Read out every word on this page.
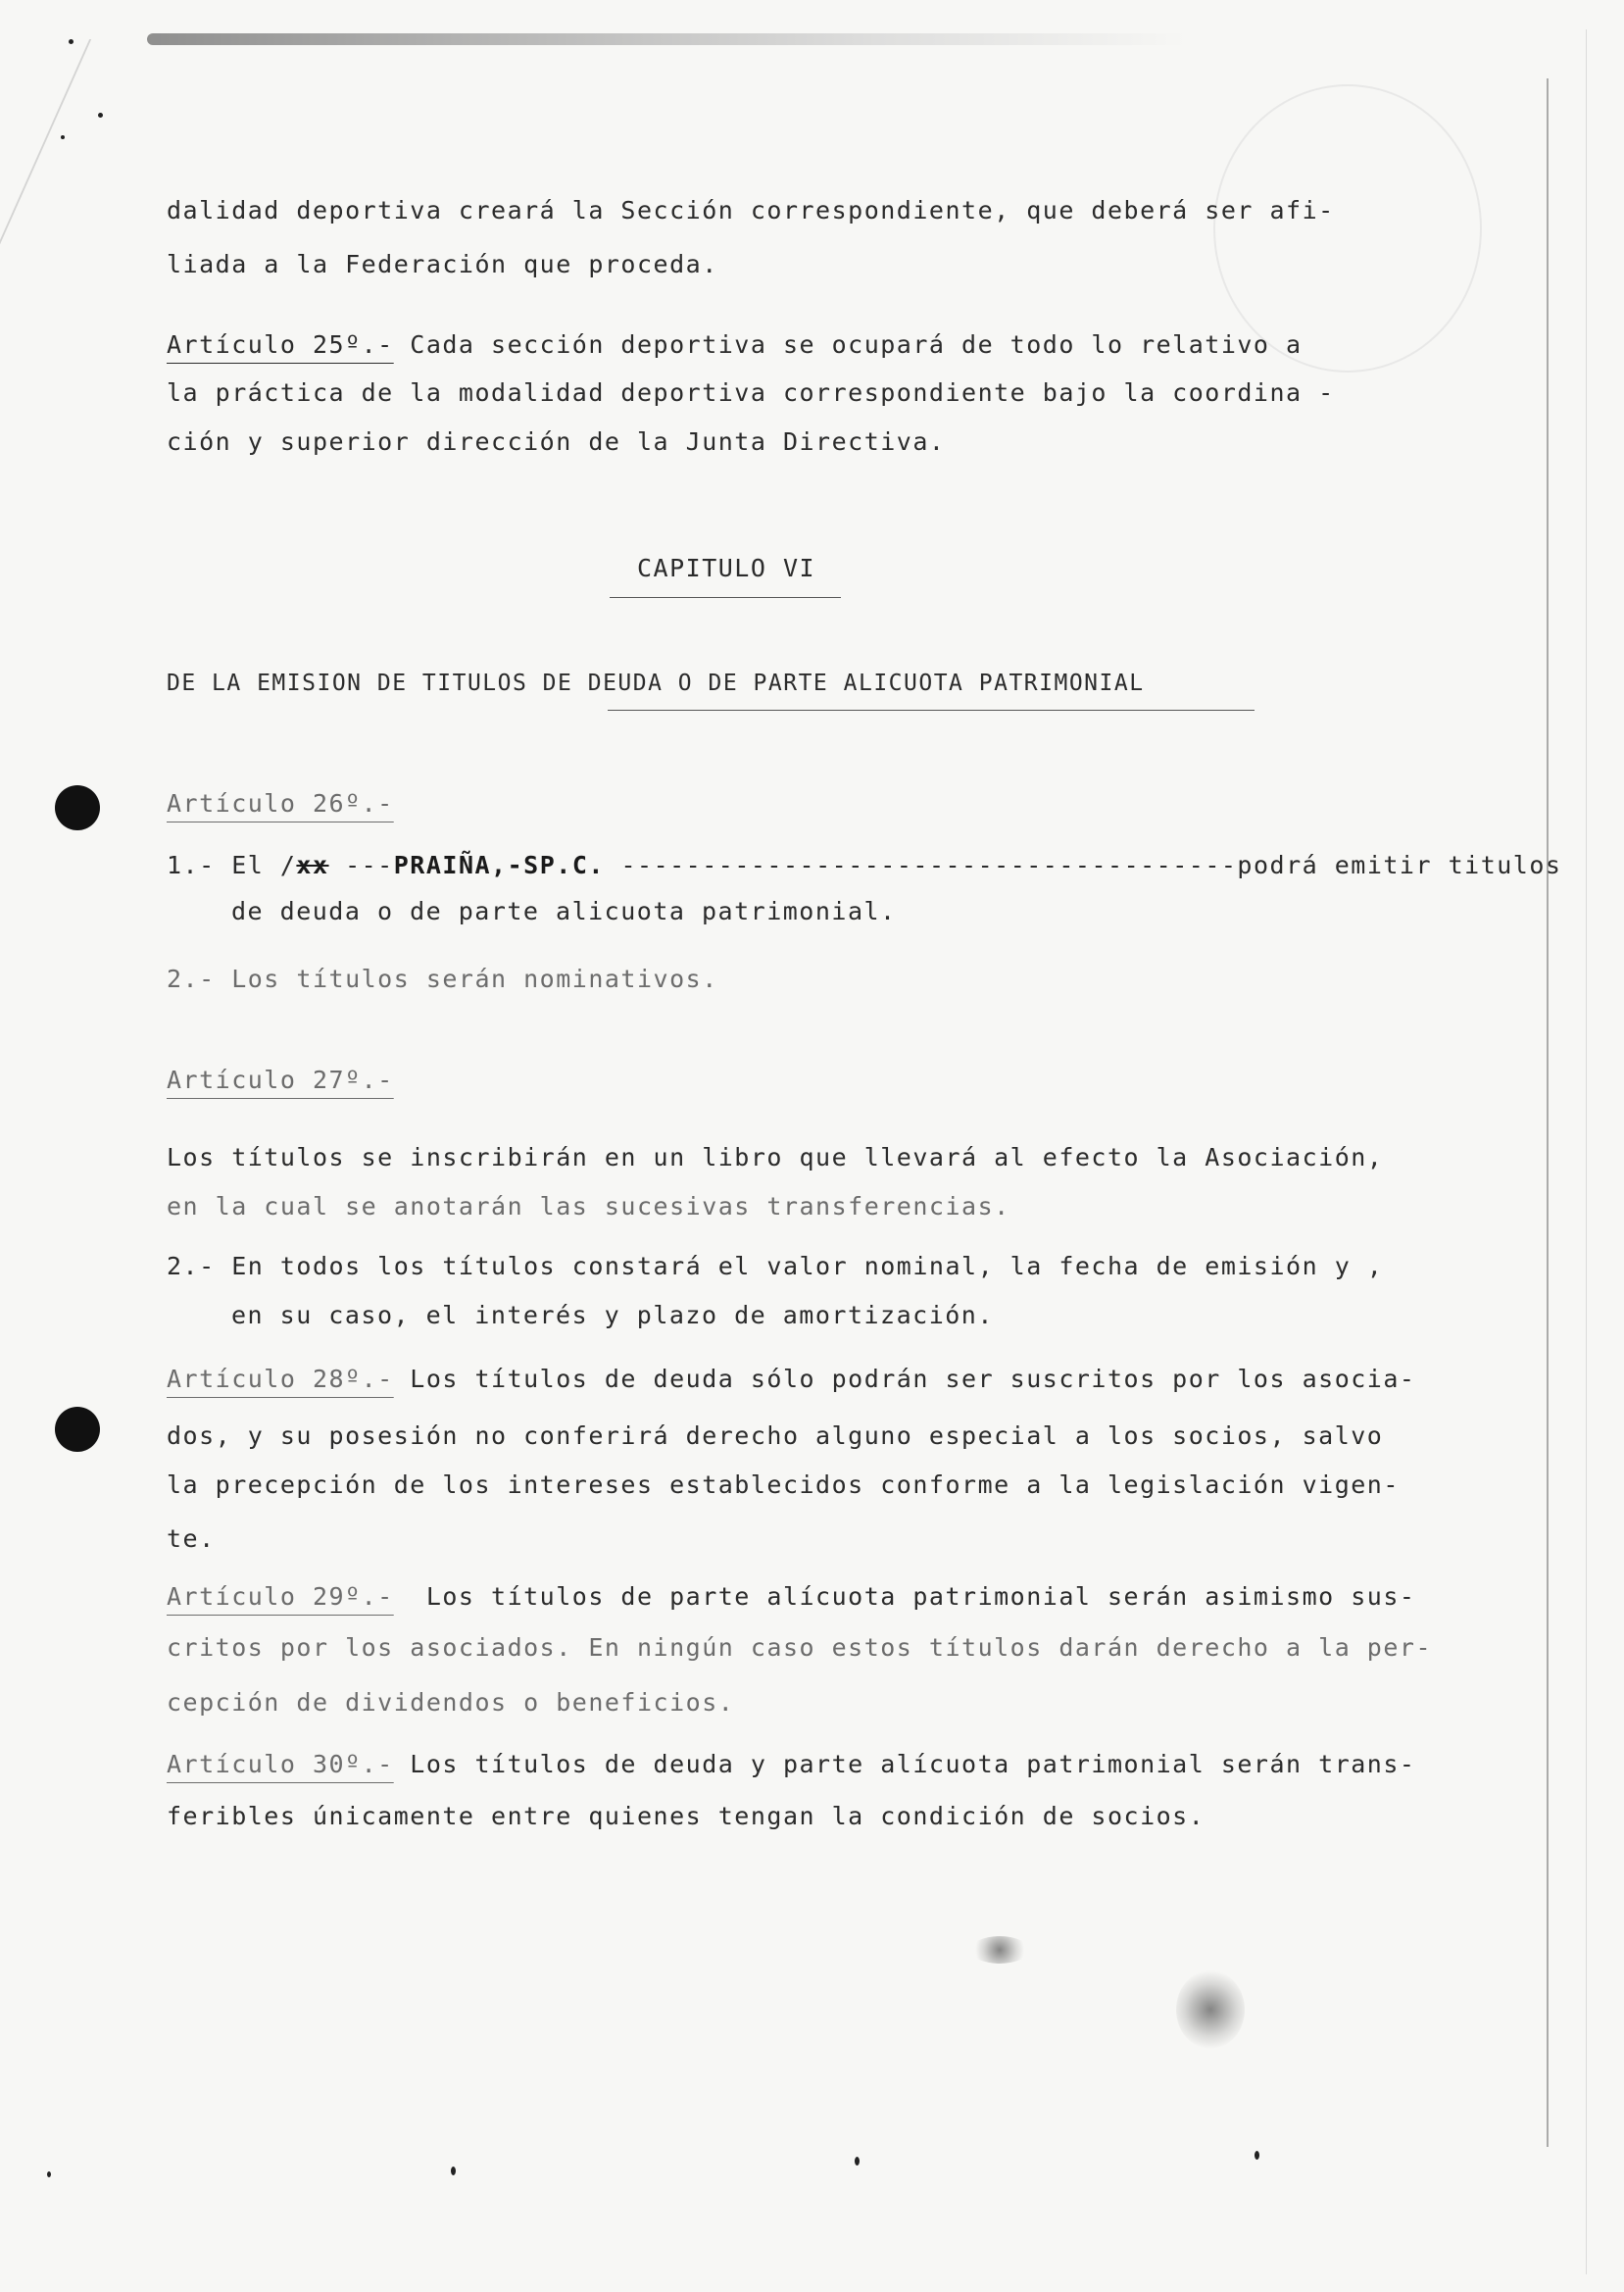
dalidad deportiva creará la Sección correspondiente, que deberá ser afi-
liada a la Federación que proceda.
Artículo 25º.- Cada sección deportiva se ocupará de todo lo relativo a
la práctica de la modalidad deportiva correspondiente bajo la coordina -
ción y superior dirección de la Junta Directiva.
CAPITULO VI
DE LA EMISION DE TITULOS DE DEUDA O DE PARTE ALICUOTA PATRIMONIAL
Artículo 26º.-
1.- El /xx ---PRAIÑA,-SP.C. --------------------------------------podrá emitir titulos
de deuda o de parte alicuota patrimonial.
2.- Los títulos serán nominativos.
Artículo 27º.-
Los títulos se inscribirán en un libro que llevará al efecto la Asociación,
en la cual se anotarán las sucesivas transferencias.
2.- En todos los títulos constará el valor nominal, la fecha de emisión y ,
en su caso, el interés y plazo de amortización.
Artículo 28º.- Los títulos de deuda sólo podrán ser suscritos por los asocia-
dos, y su posesión no conferirá derecho alguno especial a los socios, salvo
la precepción de los intereses establecidos conforme a la legislación vigen-
te.
Artículo 29º.-  Los títulos de parte alícuota patrimonial serán asimismo sus-
critos por los asociados. En ningún caso estos títulos darán derecho a la per-
cepción de dividendos o beneficios.
Artículo 30º.- Los títulos de deuda y parte alícuota patrimonial serán trans-
feribles únicamente entre quienes tengan la condición de socios.
